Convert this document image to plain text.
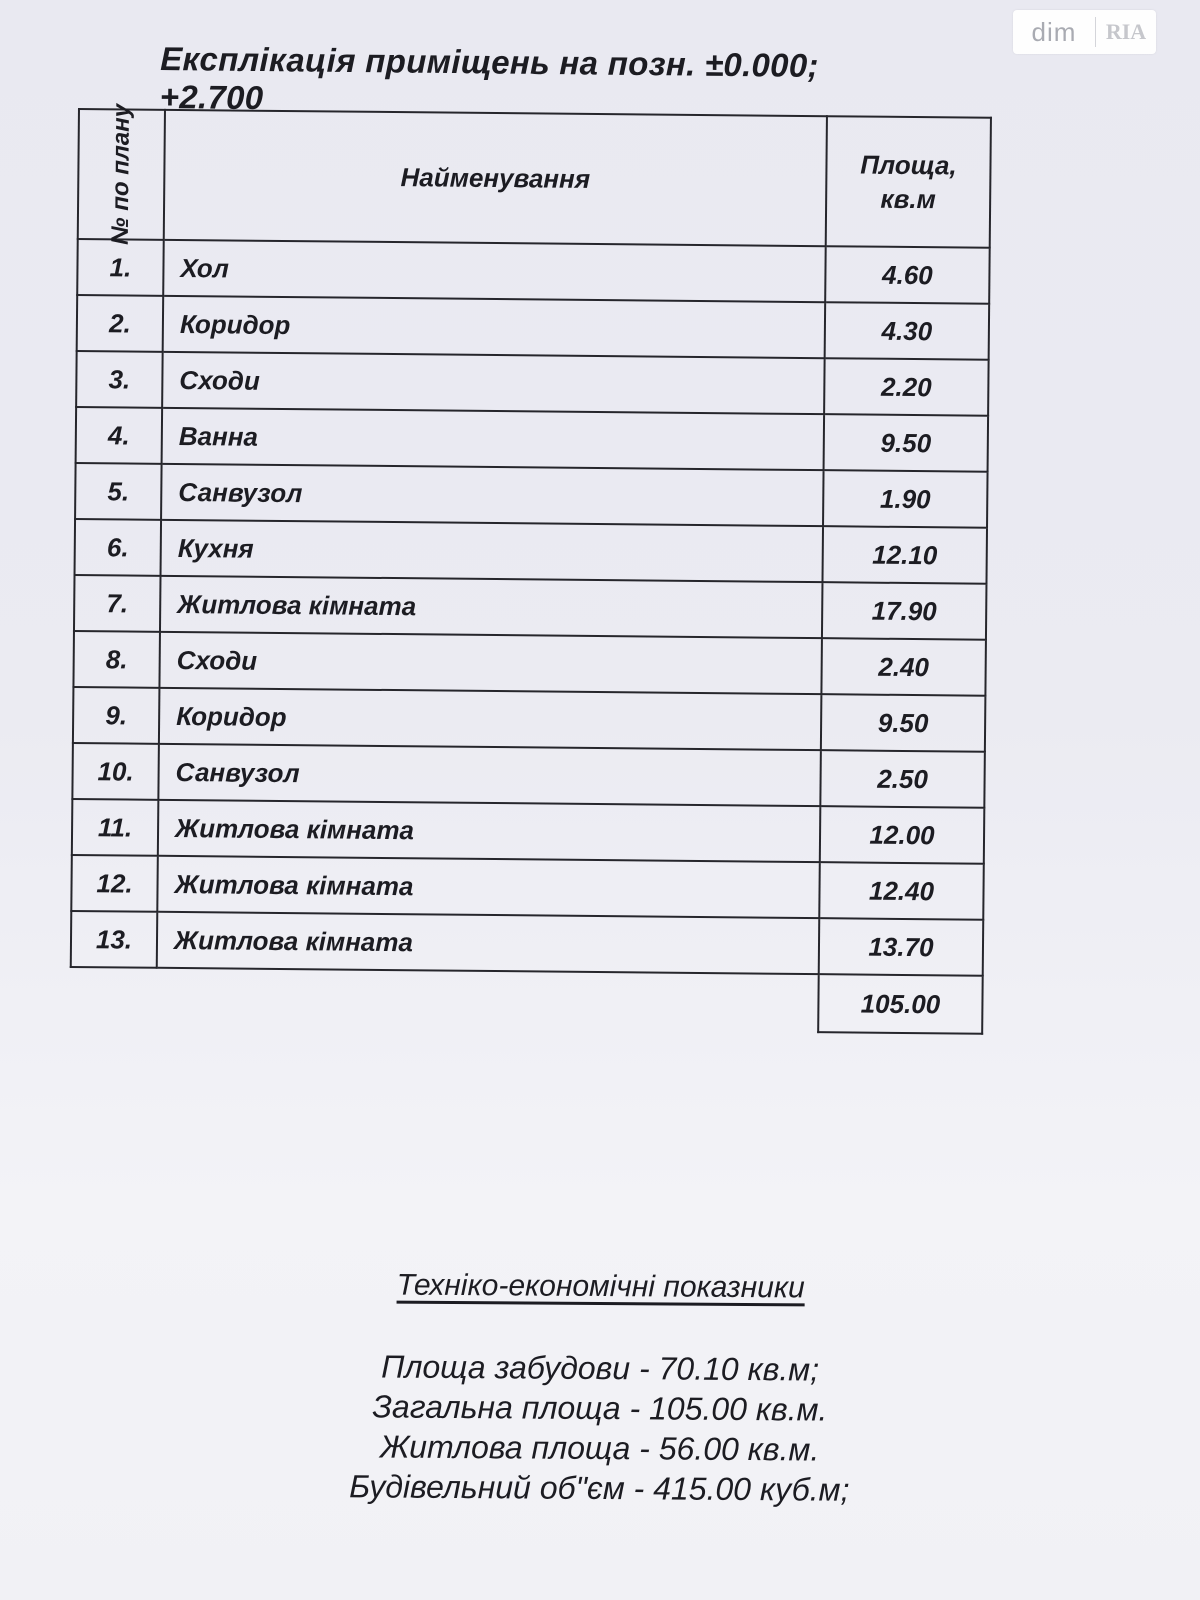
dim	RIA
Експлікація приміщень на позн. ±0.000; +2.700
№ по плану	Найменування	Площа,
кв.м
1.	Хол	4.60
2.	Коридор	4.30
3.	Сходи	2.20
4.	Ванна	9.50
5.	Санвузол	1.90
6.	Кухня	12.10
7.	Житлова кімната	17.90
8.	Сходи	2.40
9.	Коридор	9.50
10.	Санвузол	2.50
11.	Житлова кімната	12.00
12.	Житлова кімната	12.40
13.	Житлова кімната	13.70
		105.00
Техніко-економічні показники
Площа забудови - 70.10 кв.м;
Загальна площа - 105.00 кв.м.
Житлова площа - 56.00 кв.м.
Будівельний об"єм - 415.00 куб.м;
